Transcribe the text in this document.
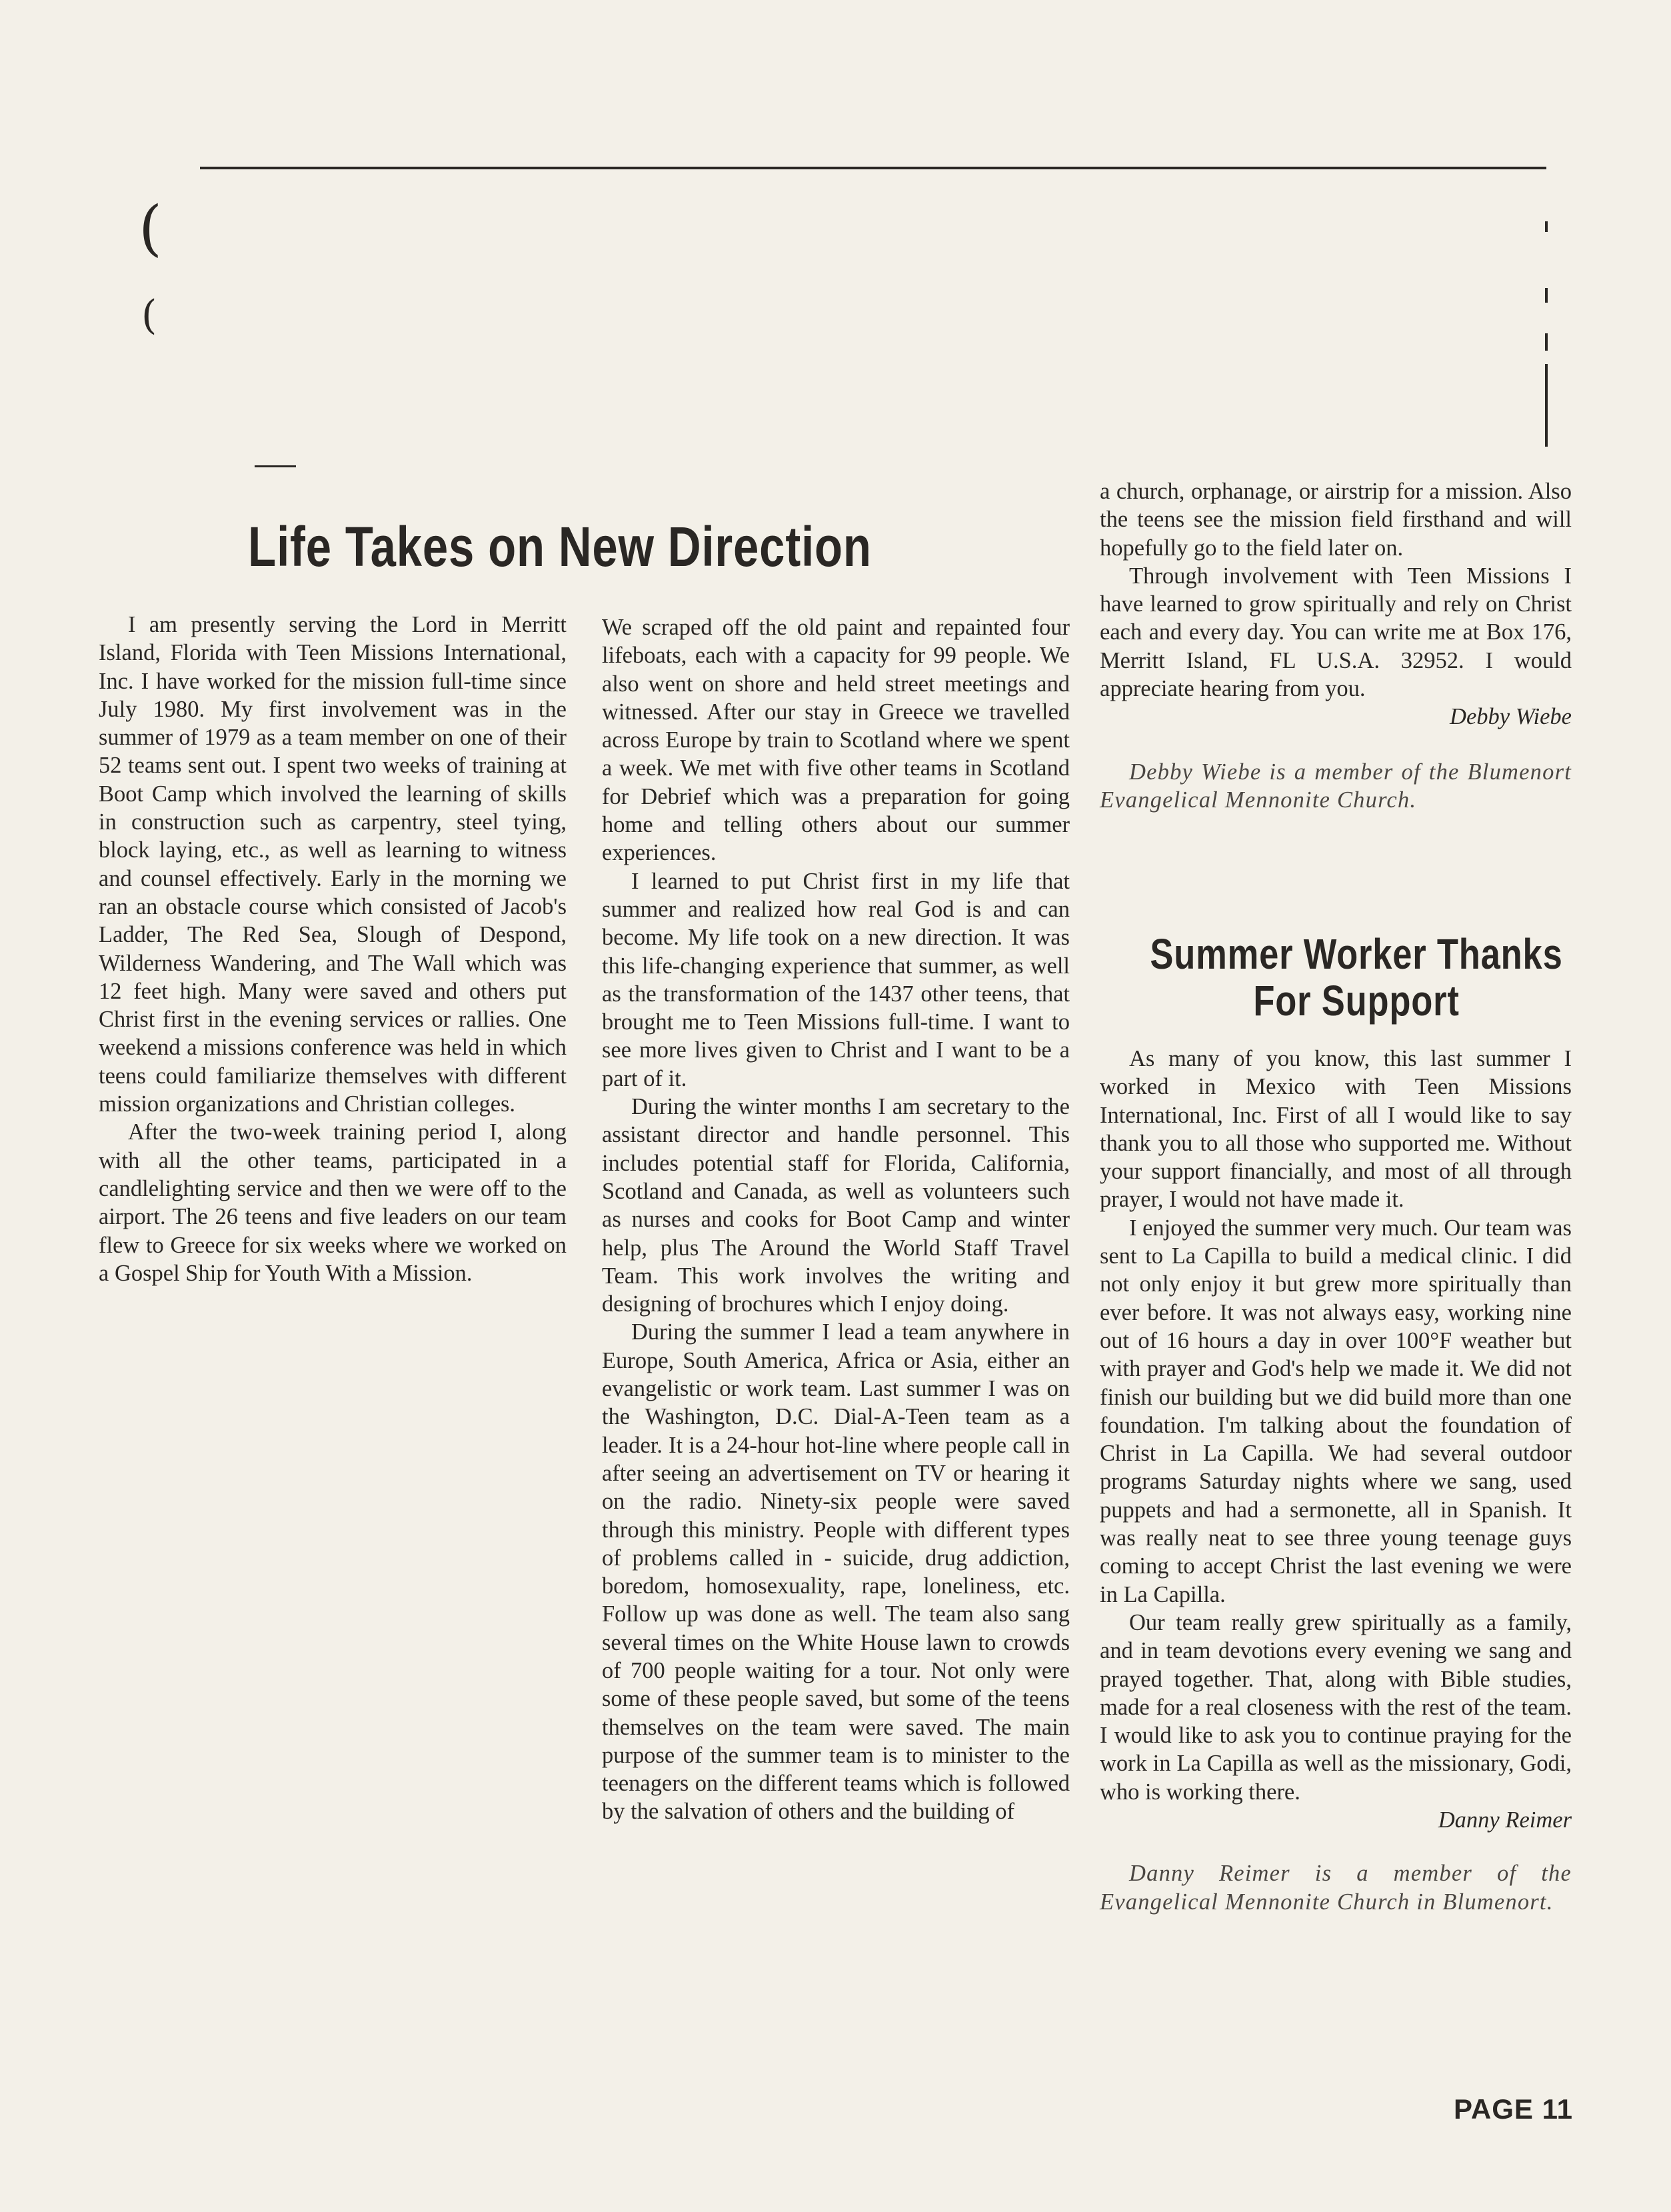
(
(
Life Takes on New Direction

I am presently serving the Lord in Merritt Island, Florida with Teen Missions International, Inc. I have worked for the mission full-time since July 1980. My first involvement was in the summer of 1979 as a team member on one of their 52 teams sent out. I spent two weeks of training at Boot Camp which involved the learning of skills in construction such as carpentry, steel tying, block laying, etc., as well as learning to witness and counsel effectively. Early in the morning we ran an obstacle course which consisted of Jacob's Ladder, The Red Sea, Slough of Despond, Wilderness Wandering, and The Wall which was 12 feet high. Many were saved and others put Christ first in the evening services or rallies. One weekend a missions conference was held in which teens could familiarize themselves with different mission organizations and Christian colleges.

After the two-week training period I, along with all the other teams, participated in a candlelighting service and then we were off to the airport. The 26 teens and five leaders on our team flew to Greece for six weeks where we worked on a Gospel Ship for Youth With a Mission.

We scraped off the old paint and repainted four lifeboats, each with a capacity for 99 people. We also went on shore and held street meetings and witnessed. After our stay in Greece we travelled across Europe by train to Scotland where we spent a week. We met with five other teams in Scotland for Debrief which was a preparation for going home and telling others about our summer experiences.

I learned to put Christ first in my life that summer and realized how real God is and can become. My life took on a new direction. It was this life-changing experience that summer, as well as the transformation of the 1437 other teens, that brought me to Teen Missions full-time. I want to see more lives given to Christ and I want to be a part of it.

During the winter months I am secretary to the assistant director and handle personnel. This includes potential staff for Florida, California, Scotland and Canada, as well as volunteers such as nurses and cooks for Boot Camp and winter help, plus The Around the World Staff Travel Team. This work involves the writing and designing of brochures which I enjoy doing.

During the summer I lead a team anywhere in Europe, South America, Africa or Asia, either an evangelistic or work team. Last summer I was on the Washington, D.C. Dial-A-Teen team as a leader. It is a 24-hour hot-line where people call in after seeing an advertisement on TV or hearing it on the radio. Ninety-six people were saved through this ministry. People with different types of problems called in - suicide, drug addiction, boredom, homosexuality, rape, loneliness, etc. Follow up was done as well. The team also sang several times on the White House lawn to crowds of 700 people waiting for a tour. Not only were some of these people saved, but some of the teens themselves on the team were saved. The main purpose of the summer team is to minister to the teenagers on the different teams which is followed by the salvation of others and the building of

a church, orphanage, or airstrip for a mission. Also the teens see the mission field firsthand and will hopefully go to the field later on.

Through involvement with Teen Missions I have learned to grow spiritually and rely on Christ each and every day. You can write me at Box 176, Merritt Island, FL U.S.A. 32952. I would appreciate hearing from you.

Debby Wiebe

Debby Wiebe is a member of the Blumenort Evangelical Mennonite Church.

Summer Worker Thanks For Support

As many of you know, this last summer I worked in Mexico with Teen Missions International, Inc. First of all I would like to say thank you to all those who supported me. Without your support financially, and most of all through prayer, I would not have made it.

I enjoyed the summer very much. Our team was sent to La Capilla to build a medical clinic. I did not only enjoy it but grew more spiritually than ever before. It was not always easy, working nine out of 16 hours a day in over 100°F weather but with prayer and God's help we made it. We did not finish our building but we did build more than one foundation. I'm talking about the foundation of Christ in La Capilla. We had several outdoor programs Saturday nights where we sang, used puppets and had a sermonette, all in Spanish. It was really neat to see three young teenage guys coming to accept Christ the last evening we were in La Capilla.

Our team really grew spiritually as a family, and in team devotions every evening we sang and prayed together. That, along with Bible studies, made for a real closeness with the rest of the team. I would like to ask you to continue praying for the work in La Capilla as well as the missionary, Godi, who is working there.

Danny Reimer

Danny Reimer is a member of the Evangelical Mennonite Church in Blumenort.

PAGE 11
